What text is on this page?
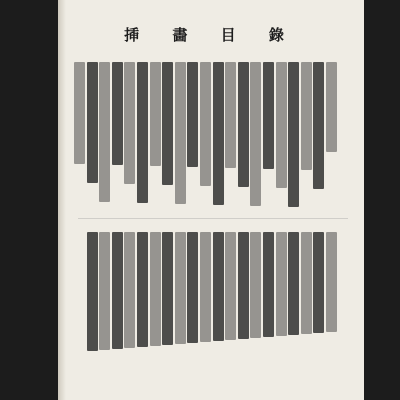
揷 畵 目 錄
